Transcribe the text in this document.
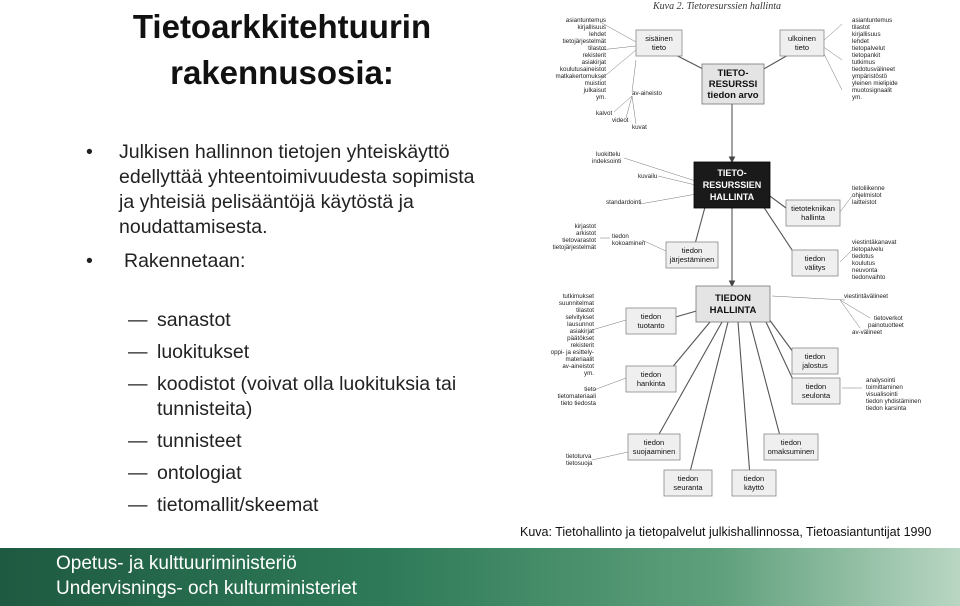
Tietoarkkitehtuurin
rakennusosia:
• Julkisen hallinnon tietojen yhteiskäyttö edellyttää yhteentoimivuudesta sopimista ja yhteisiä pelisääntöjä käytöstä ja noudattamisesta.
• Rakennetaan:
— sanastot
— luokitukset
— koodistot (voivat olla luokituksia tai tunnisteita)
— tunnisteet
— ontologiat
— tietomallit/skeemat
Kuva 2. Tietoresurssien hallinta
sisäinen
tieto
ulkoinen
tieto
TIETO-
RESURSSI
tiedon arvo
TIETO-
RESURSSIEN
HALLINTA
tietotekniikan
hallinta
tiedon
järjestäminen	tiedon
välitys
TIEDON
HALLINTA
tiedon
tuotanto
tiedon
jalostus
tiedon
hankinta	tiedon
seulonta
tiedon
suojaaminen
tiedon
omaksuminen
tiedon
seuranta
tiedon
käyttö
asiantuntemus
kirjallisuus
lehdet
tietojärjestelmät
tilastot
rekisterit
asiakirjat
koulutusaineistot
matkakertomukset
muistiot
julkaisut
ym.
asiantuntemus
tilastot
kirjallisuus
lehdet
tietopalvelut
tietopankit
tutkimus
tiedotusvälineet
ympäristöstö
yleinen mielipide
muotosignaalit
ym.
av-aineisto
kalvot
videot
kuvat
luokittelu
indeksointi
kuvailu
standardointi
kirjastot
arkistot
tietovarastot
tietojärjestelmät
tiedon
kokoaminen
tietoliikenne
ohjelmistot
laitteistot
viestintäkanavat
tietopalvelu
tiedotus
koulutus
neuvonta
tiedonvaihto
viestintävälineet
tietoverkot
painotuotteet
av-välineet
tutkimukset
suunnitelmat
tilastot
selvitykset
lausunnot
asiakirjat
päätökset
rekisterit
oppi- ja esittely-
materiaalit
av-aineistot
ym.
tieto
tietomateriaali
tieto tiedosta
analysointi
toimittaminen
visualisointi
tiedon yhdistäminen
tiedon karsinta
tietoturva
tietosuoja
Kuva: Tietohallinto ja tietopalvelut julkishallinnossa, Tietoasiantuntijat 1990
Opetus- ja kulttuuriministeriö
Undervisnings- och kulturministeriet
